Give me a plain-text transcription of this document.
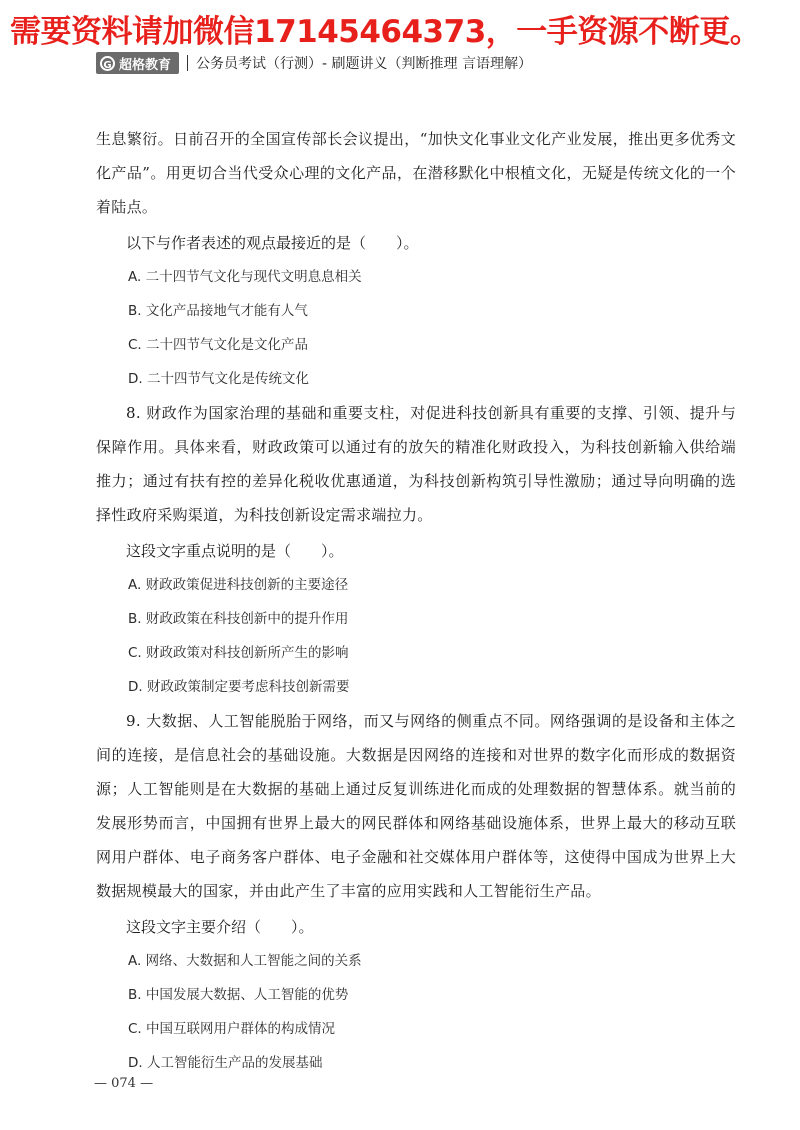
需要资料请加微信17145464373，一手资源不断更。
G 超格教育 公务员考试（行测）- 刷题讲义（判断推理 言语理解）

生息繁衍。日前召开的全国宣传部长会议提出，“加快文化事业文化产业发展，推出更多优秀文化产品”。用更切合当代受众心理的文化产品，在潜移默化中根植文化，无疑是传统文化的一个着陆点。

以下与作者表述的观点最接近的是（　　）。

A. 二十四节气文化与现代文明息息相关

B. 文化产品接地气才能有人气

C. 二十四节气文化是文化产品

D. 二十四节气文化是传统文化

8. 财政作为国家治理的基础和重要支柱，对促进科技创新具有重要的支撑、引领、提升与保障作用。具体来看，财政政策可以通过有的放矢的精准化财政投入，为科技创新输入供给端推力；通过有扶有控的差异化税收优惠通道，为科技创新构筑引导性激励；通过导向明确的选择性政府采购渠道，为科技创新设定需求端拉力。

这段文字重点说明的是（　　）。

A. 财政政策促进科技创新的主要途径

B. 财政政策在科技创新中的提升作用

C. 财政政策对科技创新所产生的影响

D. 财政政策制定要考虑科技创新需要

9. 大数据、人工智能脱胎于网络，而又与网络的侧重点不同。网络强调的是设备和主体之间的连接，是信息社会的基础设施。大数据是因网络的连接和对世界的数字化而形成的数据资源；人工智能则是在大数据的基础上通过反复训练进化而成的处理数据的智慧体系。就当前的发展形势而言，中国拥有世界上最大的网民群体和网络基础设施体系，世界上最大的移动互联网用户群体、电子商务客户群体、电子金融和社交媒体用户群体等，这使得中国成为世界上大数据规模最大的国家，并由此产生了丰富的应用实践和人工智能衍生产品。

这段文字主要介绍（　　）。

A. 网络、大数据和人工智能之间的关系

B. 中国发展大数据、人工智能的优势

C. 中国互联网用户群体的构成情况

D. 人工智能衍生产品的发展基础

— 074 —
